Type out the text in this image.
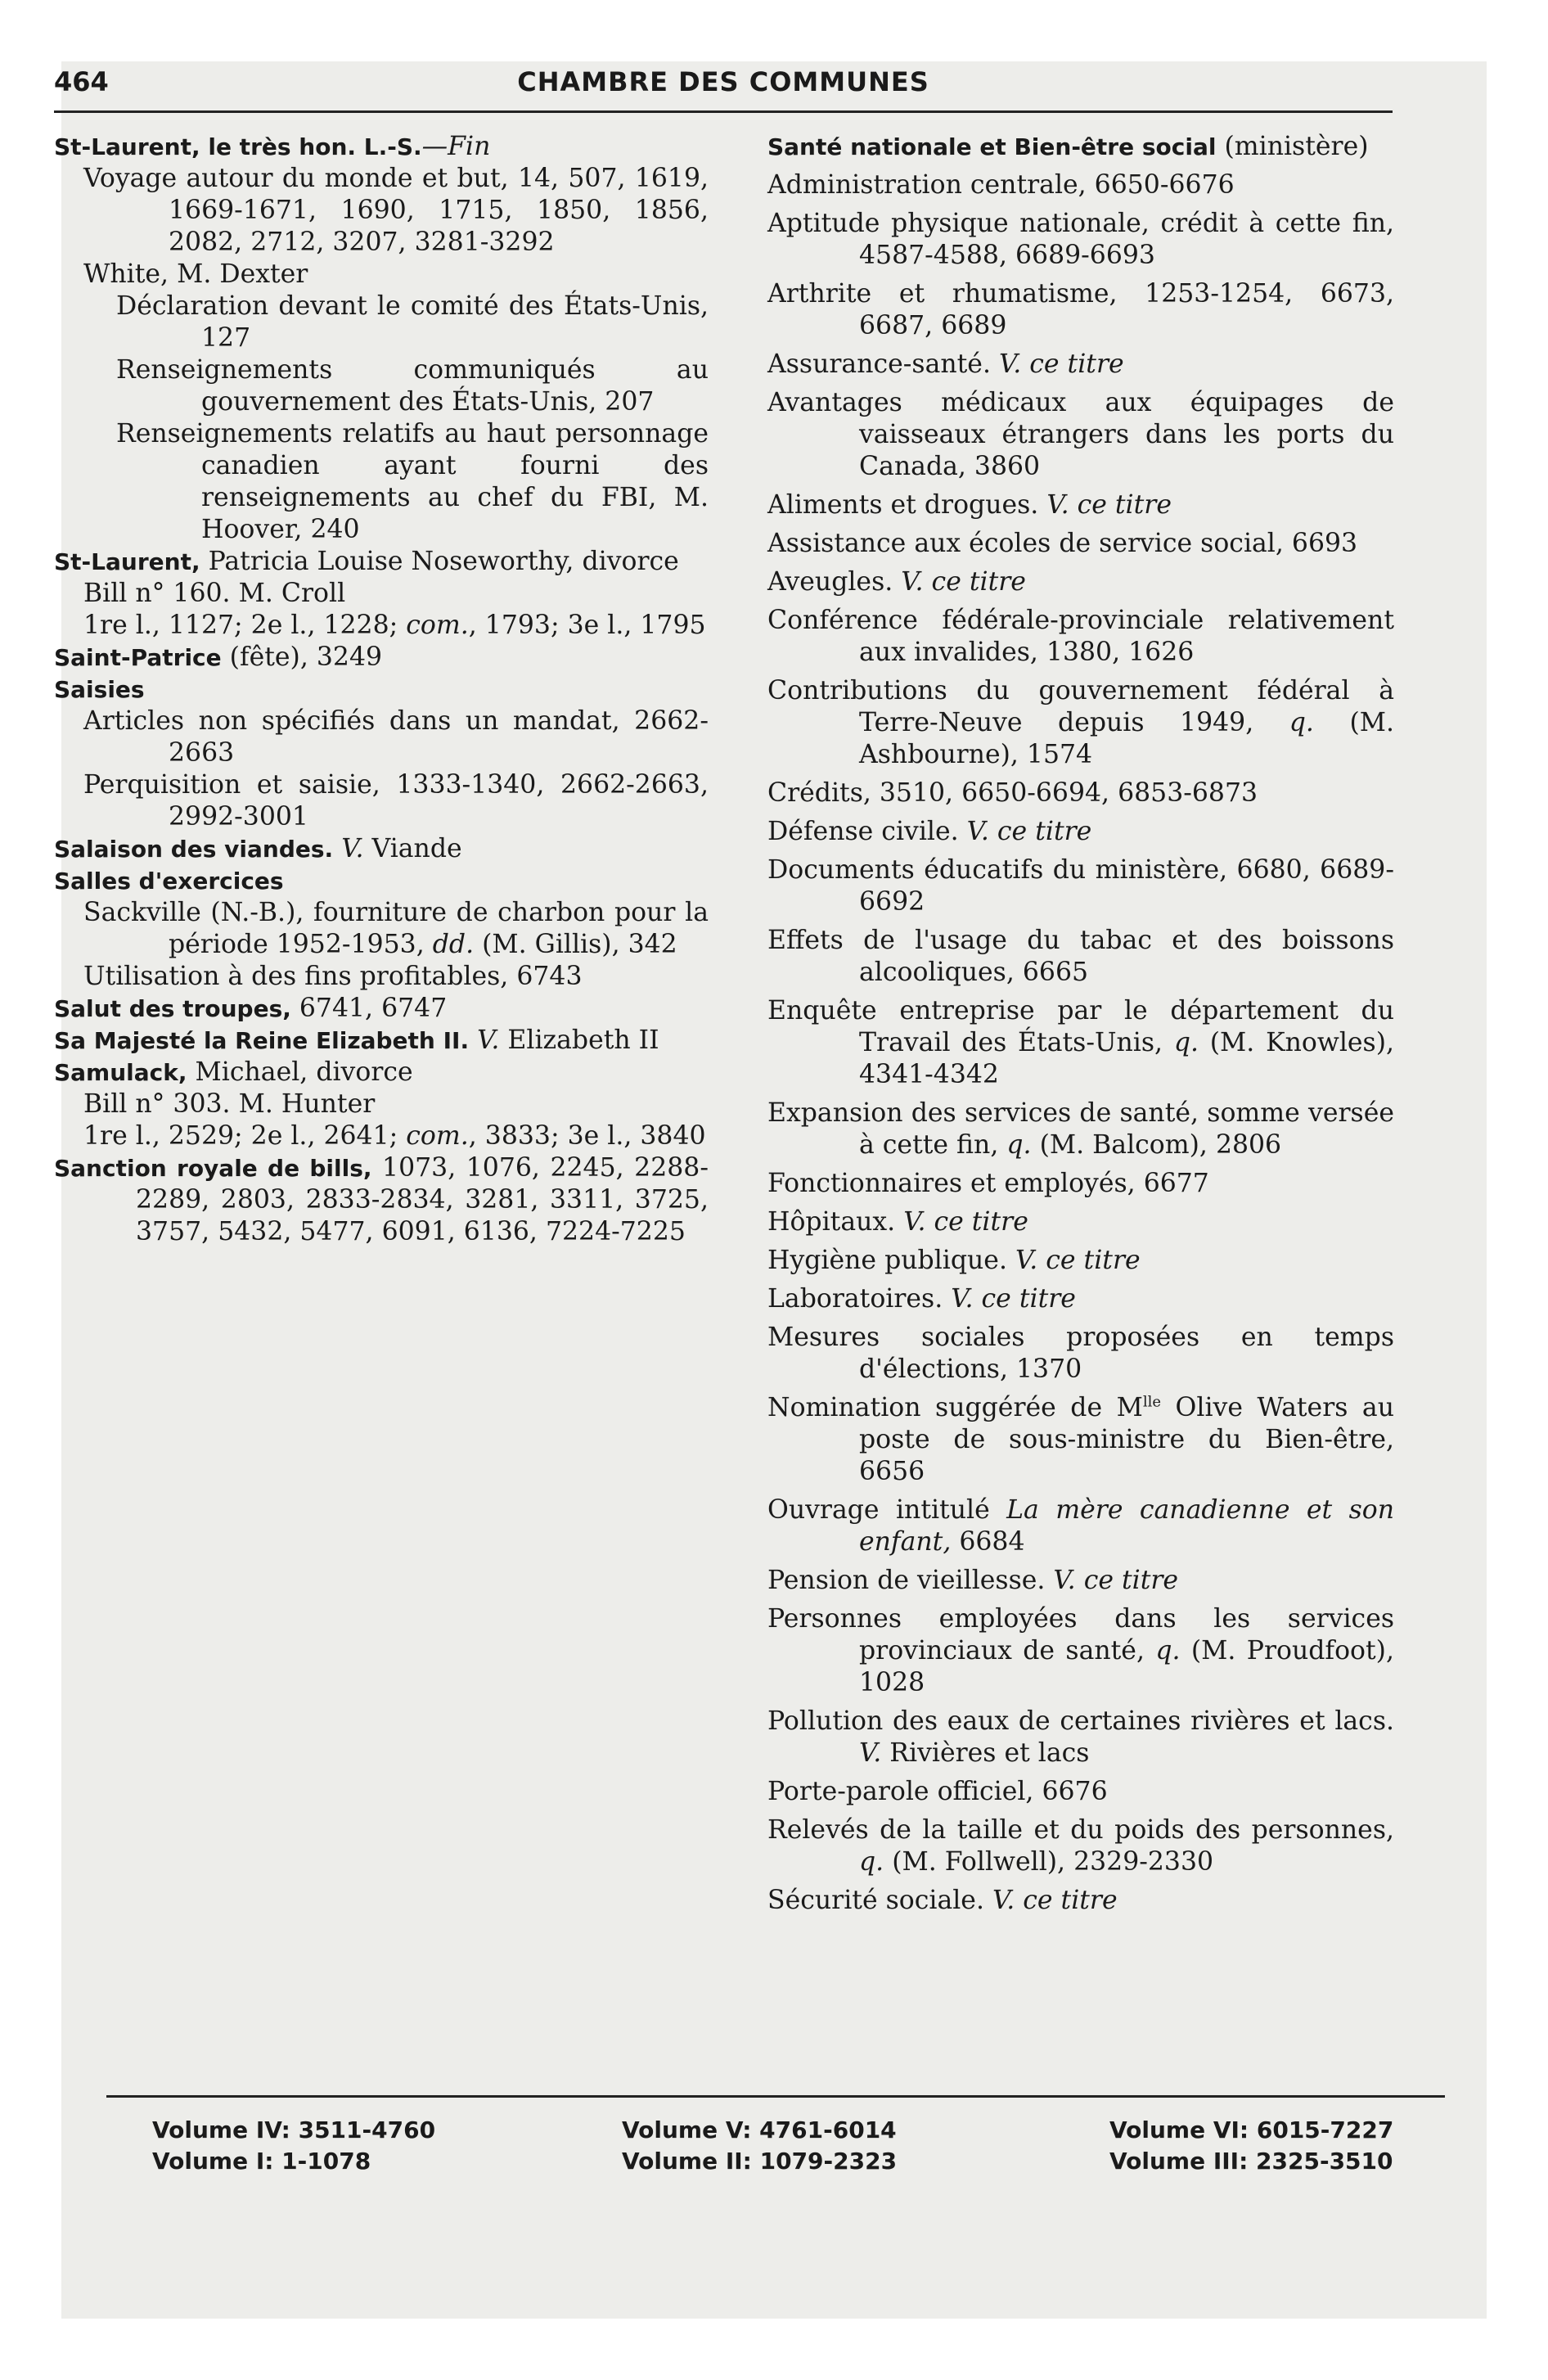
464	CHAMBRE DES COMMUNES
St-Laurent, le très hon. L.-S.—Fin
Voyage autour du monde et but, 14, 507, 1619, 1669-1671, 1690, 1715, 1850, 1856, 2082, 2712, 3207, 3281-3292
White, M. Dexter
Déclaration devant le comité des États-Unis, 127
Renseignements communiqués au gouvernement des États-Unis, 207
Renseignements relatifs au haut personnage canadien ayant fourni des renseignements au chef du FBI, M. Hoover, 240
St-Laurent, Patricia Louise Noseworthy, divorce
Bill n° 160. M. Croll
1re l., 1127; 2e l., 1228; com., 1793; 3e l., 1795
Saint-Patrice (fête), 3249
Saisies
Articles non spécifiés dans un mandat, 2662-2663
Perquisition et saisie, 1333-1340, 2662-2663, 2992-3001
Salaison des viandes. V. Viande
Salles d'exercices
Sackville (N.-B.), fourniture de charbon pour la période 1952-1953, dd. (M. Gillis), 342
Utilisation à des fins profitables, 6743
Salut des troupes, 6741, 6747
Sa Majesté la Reine Elizabeth II. V. Elizabeth II
Samulack, Michael, divorce
Bill n° 303. M. Hunter
1re l., 2529; 2e l., 2641; com., 3833; 3e l., 3840
Sanction royale de bills, 1073, 1076, 2245, 2288-2289, 2803, 2833-2834, 3281, 3311, 3725, 3757, 5432, 5477, 6091, 6136, 7224-7225
Santé nationale et Bien-être social (ministère)
Administration centrale, 6650-6676
Aptitude physique nationale, crédit à cette fin, 4587-4588, 6689-6693
Arthrite et rhumatisme, 1253-1254, 6673, 6687, 6689
Assurance-santé. V. ce titre
Avantages médicaux aux équipages de vaisseaux étrangers dans les ports du Canada, 3860
Aliments et drogues. V. ce titre
Assistance aux écoles de service social, 6693
Aveugles. V. ce titre
Conférence fédérale-provinciale relativement aux invalides, 1380, 1626
Contributions du gouvernement fédéral à Terre-Neuve depuis 1949, q. (M. Ashbourne), 1574
Crédits, 3510, 6650-6694, 6853-6873
Défense civile. V. ce titre
Documents éducatifs du ministère, 6680, 6689-6692
Effets de l'usage du tabac et des boissons alcooliques, 6665
Enquête entreprise par le département du Travail des États-Unis, q. (M. Knowles), 4341-4342
Expansion des services de santé, somme versée à cette fin, q. (M. Balcom), 2806
Fonctionnaires et employés, 6677
Hôpitaux. V. ce titre
Hygiène publique. V. ce titre
Laboratoires. V. ce titre
Mesures sociales proposées en temps d'élections, 1370
Nomination suggérée de $M^{lle}$ Olive Waters au poste de sous-ministre du Bien-être, 6656
Ouvrage intitulé La mère canadienne et son enfant, 6684
Pension de vieillesse. V. ce titre
Personnes employées dans les services provinciaux de santé, q. (M. Proudfoot), 1028
Pollution des eaux de certaines rivières et lacs. V. Rivières et lacs
Porte-parole officiel, 6676
Relevés de la taille et du poids des personnes, q. (M. Follwell), 2329-2330
Sécurité sociale. V. ce titre
Volume IV: 3511-4760
Volume I: 1-1078
Volume V: 4761-6014
Volume II: 1079-2323
Volume VI: 6015-7227
Volume III: 2325-3510
